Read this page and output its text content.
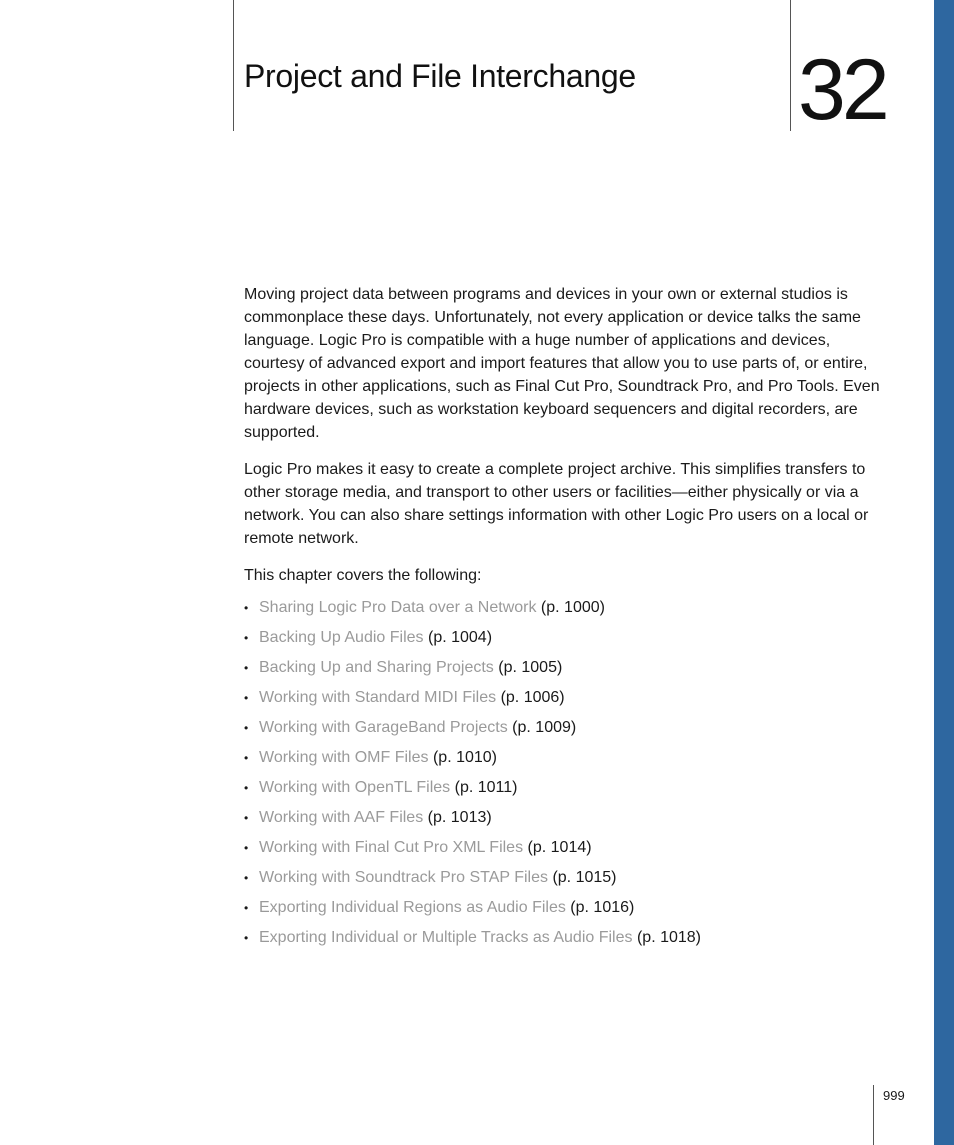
Project and File Interchange 32

Moving project data between programs and devices in your own or external studios is commonplace these days. Unfortunately, not every application or device talks the same language. Logic Pro is compatible with a huge number of applications and devices, courtesy of advanced export and import features that allow you to use parts of, or entire, projects in other applications, such as Final Cut Pro, Soundtrack Pro, and Pro Tools. Even hardware devices, such as workstation keyboard sequencers and digital recorders, are supported.

Logic Pro makes it easy to create a complete project archive. This simplifies transfers to other storage media, and transport to other users or facilities—either physically or via a network. You can also share settings information with other Logic Pro users on a local or remote network.

This chapter covers the following:

• Sharing Logic Pro Data over a Network (p. 1000)
• Backing Up Audio Files (p. 1004)
• Backing Up and Sharing Projects (p. 1005)
• Working with Standard MIDI Files (p. 1006)
• Working with GarageBand Projects (p. 1009)
• Working with OMF Files (p. 1010)
• Working with OpenTL Files (p. 1011)
• Working with AAF Files (p. 1013)
• Working with Final Cut Pro XML Files (p. 1014)
• Working with Soundtrack Pro STAP Files (p. 1015)
• Exporting Individual Regions as Audio Files (p. 1016)
• Exporting Individual or Multiple Tracks as Audio Files (p. 1018)
999
